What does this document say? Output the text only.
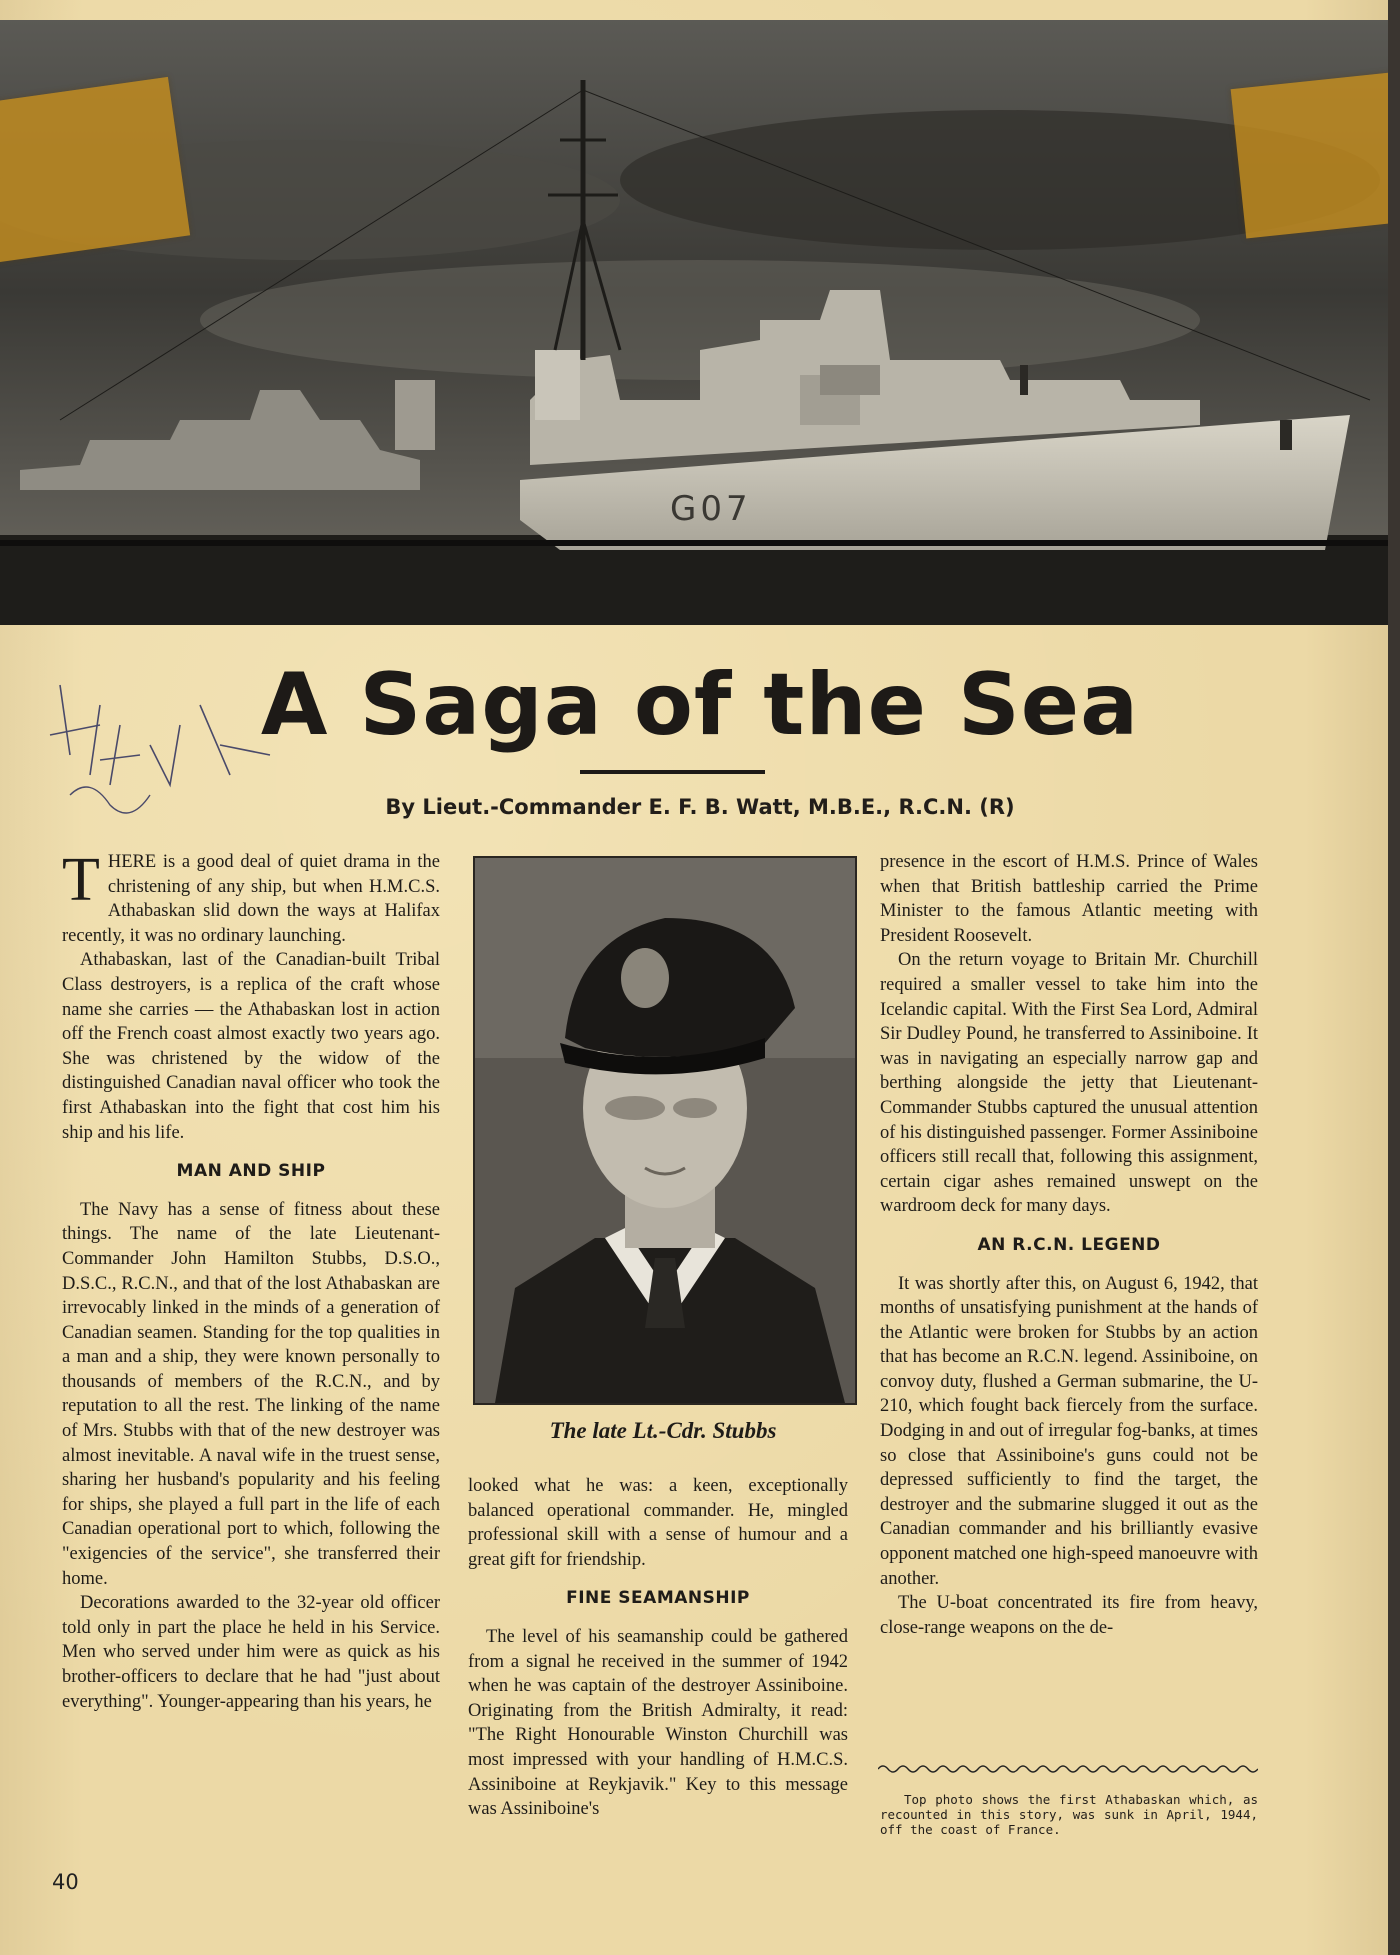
G07
A Saga of the Sea
By Lieut.-Commander E. F. B. Watt, M.B.E., R.C.N. (R)

THERE is a good deal of quiet drama in the christening of any ship, but when H.M.C.S. Athabaskan slid down the ways at Halifax recently, it was no ordinary launching.

Athabaskan, last of the Canadian-built Tribal Class destroyers, is a replica of the craft whose name she carries — the Athabaskan lost in action off the French coast almost exactly two years ago. She was christened by the widow of the distinguished Canadian naval officer who took the first Athabaskan into the fight that cost him his ship and his life.

MAN AND SHIP

The Navy has a sense of fitness about these things. The name of the late Lieutenant-Commander John Hamilton Stubbs, D.S.O., D.S.C., R.C.N., and that of the lost Athabaskan are irrevocably linked in the minds of a generation of Canadian seamen. Standing for the top qualities in a man and a ship, they were known personally to thousands of members of the R.C.N., and by reputation to all the rest. The linking of the name of Mrs. Stubbs with that of the new destroyer was almost inevitable. A naval wife in the truest sense, sharing her husband's popularity and his feeling for ships, she played a full part in the life of each Canadian operational port to which, following the "exigencies of the service", she transferred their home.

Decorations awarded to the 32-year old officer told only in part the place he held in his Service. Men who served under him were as quick as his brother-officers to declare that he had "just about everything". Younger-appearing than his years, he

The late Lt.-Cdr. Stubbs

looked what he was: a keen, exceptionally balanced operational commander. He, mingled professional skill with a sense of humour and a great gift for friendship.

FINE SEAMANSHIP

The level of his seamanship could be gathered from a signal he received in the summer of 1942 when he was captain of the destroyer Assiniboine. Originating from the British Admiralty, it read: "The Right Honourable Winston Churchill was most impressed with your handling of H.M.C.S. Assiniboine at Reykjavik." Key to this message was Assiniboine's

presence in the escort of H.M.S. Prince of Wales when that British battleship carried the Prime Minister to the famous Atlantic meeting with President Roosevelt.

On the return voyage to Britain Mr. Churchill required a smaller vessel to take him into the Icelandic capital. With the First Sea Lord, Admiral Sir Dudley Pound, he transferred to Assiniboine. It was in navigating an especially narrow gap and berthing alongside the jetty that Lieutenant-Commander Stubbs captured the unusual attention of his distinguished passenger. Former Assiniboine officers still recall that, following this assignment, certain cigar ashes remained unswept on the wardroom deck for many days.

AN R.C.N. LEGEND

It was shortly after this, on August 6, 1942, that months of unsatisfying punishment at the hands of the Atlantic were broken for Stubbs by an action that has become an R.C.N. legend. Assiniboine, on convoy duty, flushed a German submarine, the U-210, which fought back fiercely from the surface. Dodging in and out of irregular fog-banks, at times so close that Assiniboine's guns could not be depressed sufficiently to find the target, the destroyer and the submarine slugged it out as the Canadian commander and his brilliantly evasive opponent matched one high-speed manoeuvre with another.

The U-boat concentrated its fire from heavy, close-range weapons on the de-

Top photo shows the first Athabaskan which, as recounted in this story, was sunk in April, 1944, off the coast of France.
40
